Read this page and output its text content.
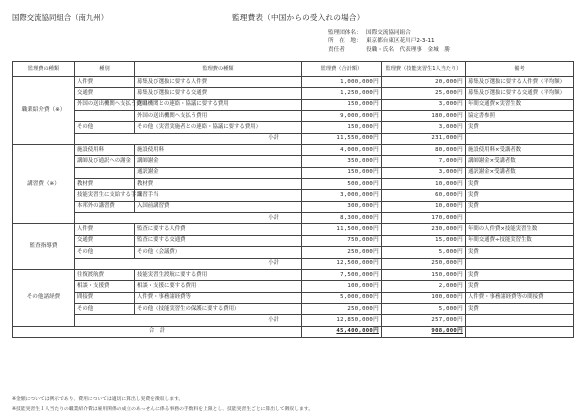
国際交流協同組合（南九州）	監理費表（中国からの受入れの場合）
監理団体名： 国際交流協同組合
所　在　地： 東京都台東区花川戸2-3-11
責任者	役職・氏名　代表理事　金城　勝
監理費の種類	種別	監理費の種類	監理費（合計額）	監理費（技能実習生1人当たり）	備考
職業紹介費（※）	人件費	募集及び選抜に要する人件費	1,000,000円	20,000円	募集及び選抜に要する人件費（平均額）
	交通費	募集及び選抜に要する交通費	1,250,000円	25,000円	募集及び選抜に要する交通費（平均額）
	外国の送出機関へ支払う費用	送出機関との連絡・協議に要する費用	150,000円	3,000円	年間交通費×実習生数
		外国の送出機関へ支払う費用	9,000,000円	180,000円	協定書参照
	その他	その他（実習実施者との連絡・協議に要する費用）	150,000円	3,000円	実費
	小計		11,550,000円	231,000円	
講習費（※）	施設使用料	施設使用料	4,000,000円	80,000円	施設使用料×受講者数
	講師及び通訳への謝金	講師謝金	350,000円	7,000円	講師謝金×受講者数
		通訳謝金	150,000円	3,000円	通訳謝金×受講者数
	教材費	教材費	500,000円	10,000円	実費
	技能実習生に支給する手当	講習手当	3,000,000円	60,000円	実費
	本邦外の講習費	入国前講習費	300,000円	10,000円	実費
	小計		8,300,000円	170,000円	
監査指導費	人件費	監査に要する人件費	11,500,000円	230,000円	年間の人件費×技能実習生数
	交通費	監査に要する交通費	750,000円	15,000円	年間交通費÷技能実習生数
	その他	その他（会議費）	250,000円	5,000円	実費
	小計		12,500,000円	250,000円	
その他諸経費	往復渡航費	技能実習生渡航に要する費用	7,500,000円	150,000円	実費
	相談・支援費	相談・支援に要する費用	100,000円	2,000円	実費
	間接費	人件費・事務諸経費等	5,000,000円	100,000円	人件費・事務諸経費等の間接費
	その他	その他（技能実習生の保護に要する費用）	250,000円	5,000円	実費
	小計		12,850,000円	257,000円	
合　計			45,400,000円	908,000円	
※金額については例示であり、費用については適切に算出し実費を徴収します。
※技能実習生１人当たりの職業紹介費は雇用関係の成立のあっせんに係る事務の手数料を上限とし、技能実習生ごとに算出して徴収します。
